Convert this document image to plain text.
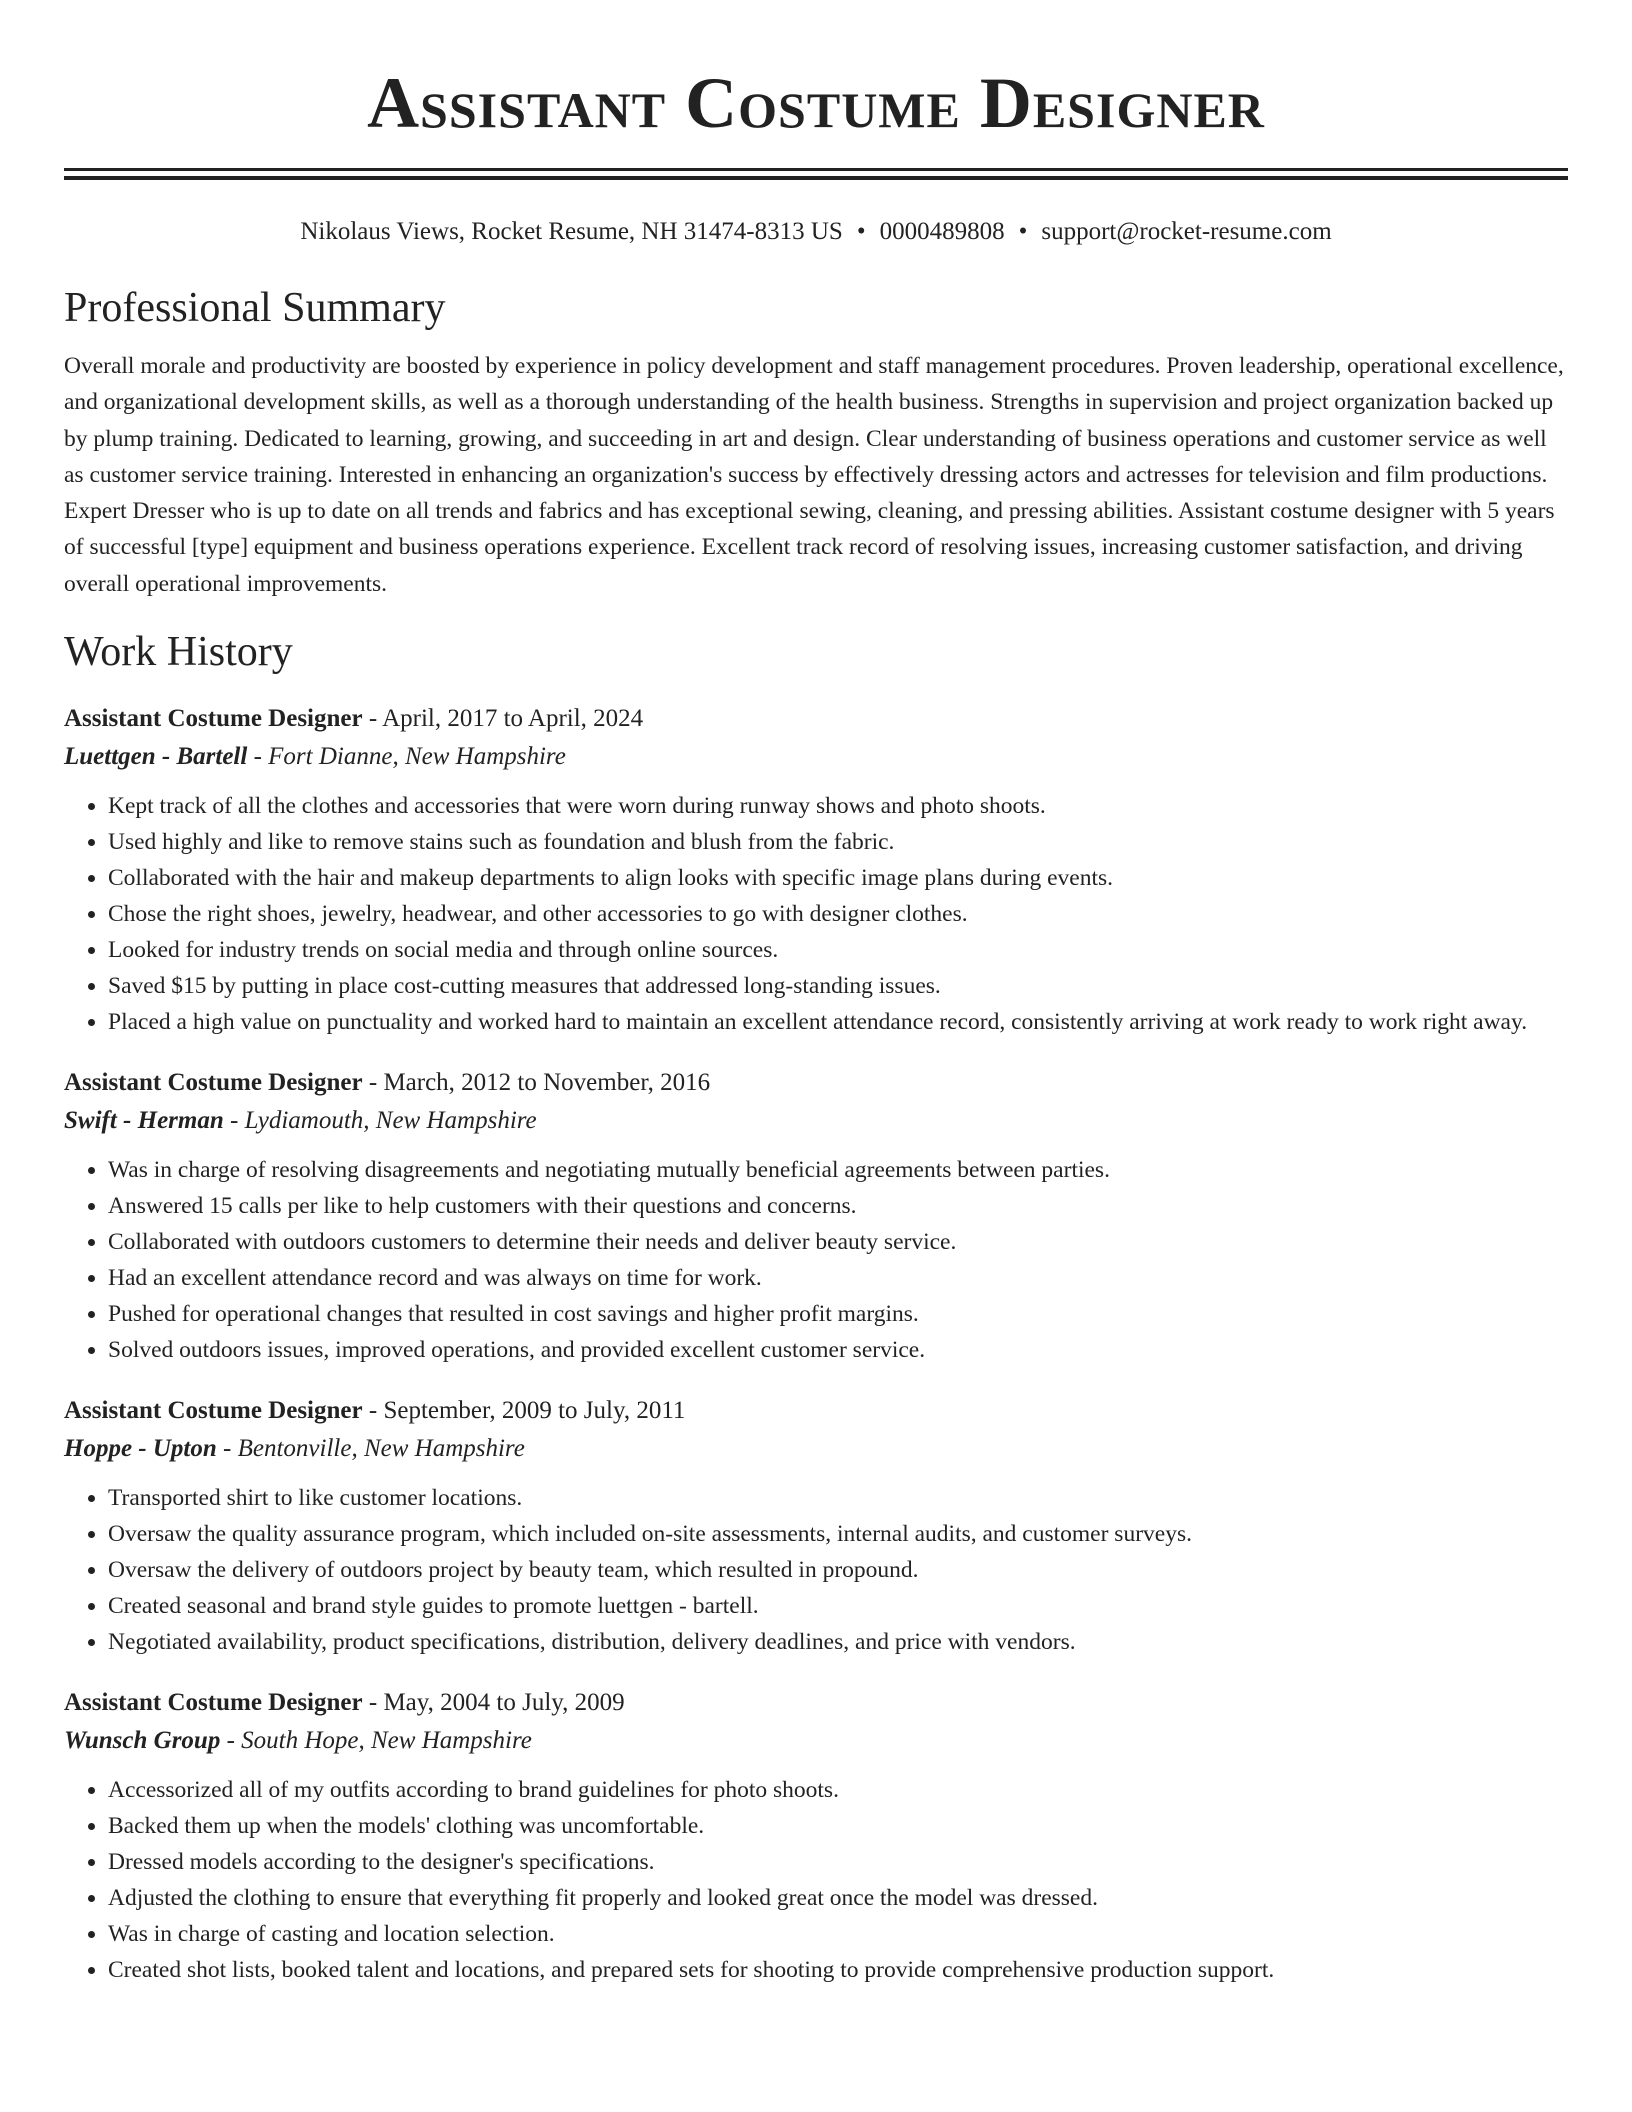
Assistant Costume Designer
Nikolaus Views, Rocket Resume, NH 31474-8313 US • 0000489808 • support@rocket-resume.com
Professional Summary

Overall morale and productivity are boosted by experience in policy development and staff management procedures. Proven leadership, operational excellence, and organizational development skills, as well as a thorough understanding of the health business. Strengths in supervision and project organization backed up by plump training. Dedicated to learning, growing, and succeeding in art and design. Clear understanding of business operations and customer service as well as customer service training. Interested in enhancing an organization's success by effectively dressing actors and actresses for television and film productions. Expert Dresser who is up to date on all trends and fabrics and has exceptional sewing, cleaning, and pressing abilities. Assistant costume designer with 5 years of successful [type] equipment and business operations experience. Excellent track record of resolving issues, increasing customer satisfaction, and driving overall operational improvements.

Work History
Assistant Costume Designer - April, 2017 to April, 2024
Luettgen - Bartell - Fort Dianne, New Hampshire
• Kept track of all the clothes and accessories that were worn during runway shows and photo shoots.
• Used highly and like to remove stains such as foundation and blush from the fabric.
• Collaborated with the hair and makeup departments to align looks with specific image plans during events.
• Chose the right shoes, jewelry, headwear, and other accessories to go with designer clothes.
• Looked for industry trends on social media and through online sources.
• Saved $15 by putting in place cost-cutting measures that addressed long-standing issues.
• Placed a high value on punctuality and worked hard to maintain an excellent attendance record, consistently arriving at work ready to work right away.
Assistant Costume Designer - March, 2012 to November, 2016
Swift - Herman - Lydiamouth, New Hampshire
• Was in charge of resolving disagreements and negotiating mutually beneficial agreements between parties.
• Answered 15 calls per like to help customers with their questions and concerns.
• Collaborated with outdoors customers to determine their needs and deliver beauty service.
• Had an excellent attendance record and was always on time for work.
• Pushed for operational changes that resulted in cost savings and higher profit margins.
• Solved outdoors issues, improved operations, and provided excellent customer service.
Assistant Costume Designer - September, 2009 to July, 2011
Hoppe - Upton - Bentonville, New Hampshire
• Transported shirt to like customer locations.
• Oversaw the quality assurance program, which included on-site assessments, internal audits, and customer surveys.
• Oversaw the delivery of outdoors project by beauty team, which resulted in propound.
• Created seasonal and brand style guides to promote luettgen - bartell.
• Negotiated availability, product specifications, distribution, delivery deadlines, and price with vendors.
Assistant Costume Designer - May, 2004 to July, 2009
Wunsch Group - South Hope, New Hampshire
• Accessorized all of my outfits according to brand guidelines for photo shoots.
• Backed them up when the models' clothing was uncomfortable.
• Dressed models according to the designer's specifications.
• Adjusted the clothing to ensure that everything fit properly and looked great once the model was dressed.
• Was in charge of casting and location selection.
• Created shot lists, booked talent and locations, and prepared sets for shooting to provide comprehensive production support.
